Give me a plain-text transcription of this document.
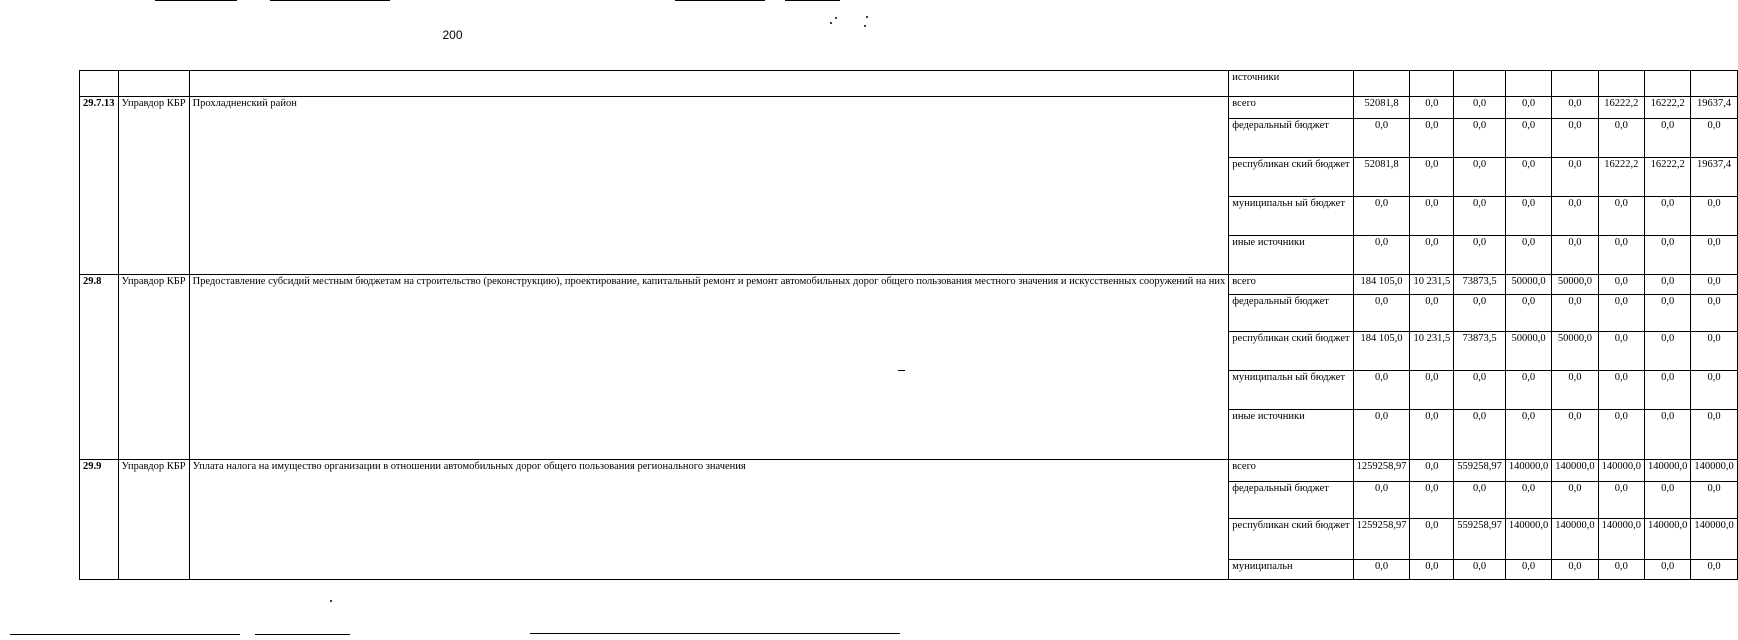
200
			источники								
29.7.13	Управдор КБР	Прохладненский район	всего	52081,8	0,0	0,0	0,0	0,0	16222,2	16222,2	19637,4
			федеральный бюджет	0,0	0,0	0,0	0,0	0,0	0,0	0,0	0,0
			республикан ский бюджет	52081,8	0,0	0,0	0,0	0,0	16222,2	16222,2	19637,4
			муниципальн ый бюджет	0,0	0,0	0,0	0,0	0,0	0,0	0,0	0,0
			иные источники	0,0	0,0	0,0	0,0	0,0	0,0	0,0	0,0
29.8	Управдор КБР	Предоставление субсидий местным бюджетам на строительство (реконструкцию), проектирование, капитальный ремонт и ремонт автомобильных дорог общего пользования местного значения и искусственных сооружений на них	всего	184 105,0	10 231,5	73873,5	50000,0	50000,0	0,0	0,0	0,0
			федеральный бюджет	0,0	0,0	0,0	0,0	0,0	0,0	0,0	0,0
			республикан ский бюджет	184 105,0	10 231,5	73873,5	50000,0	50000,0	0,0	0,0	0,0
			муниципальн ый бюджет	0,0	0,0	0,0	0,0	0,0	0,0	0,0	0,0
			иные источники	0,0	0,0	0,0	0,0	0,0	0,0	0,0	0,0
29.9	Управдор КБР	Уплата налога на имущество организации в отношении автомобильных дорог общего пользования регионального значения	всего	1259258,97	0,0	559258,97	140000,0	140000,0	140000,0	140000,0	140000,0
			федеральный бюджет	0,0	0,0	0,0	0,0	0,0	0,0	0,0	0,0
			республикан ский бюджет	1259258,97	0,0	559258,97	140000,0	140000,0	140000,0	140000,0	140000,0
			муниципальн	0,0	0,0	0,0	0,0	0,0	0,0	0,0	0,0
